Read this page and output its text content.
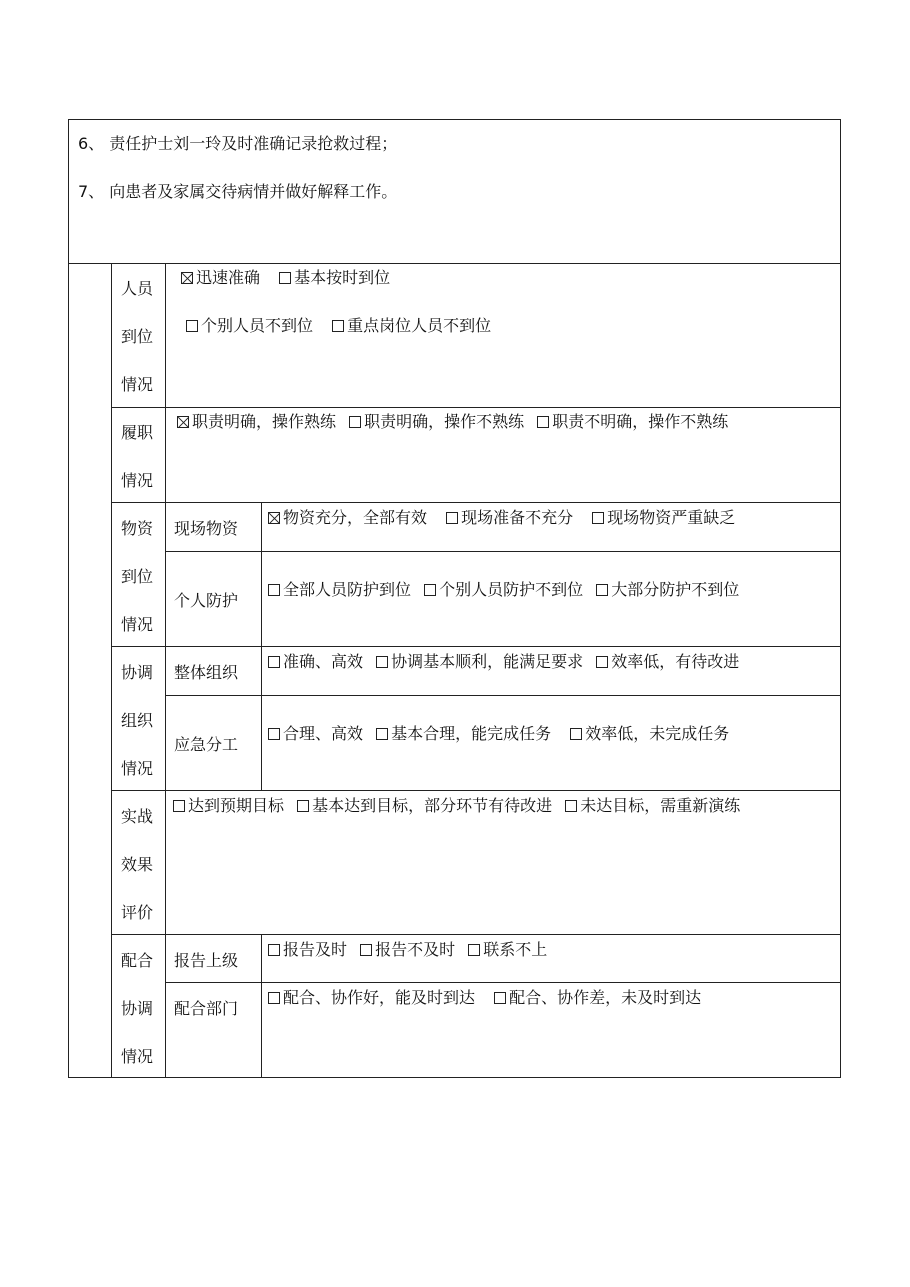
6、 责任护士刘一玲及时准确记录抢救过程；
7、 向患者及家属交待病情并做好解释工作。
人员
到位
情况
迅速准确 基本按时到位
个别人员不到位 重点岗位人员不到位
履职
情况
职责明确，操作熟练 职责明确，操作不熟练 职责不明确，操作不熟练
物资
到位
情况
现场物资
物资充分，全部有效 现场准备不充分 现场物资严重缺乏
个人防护
全部人员防护到位 个别人员防护不到位 大部分防护不到位
协调
组织
情况
整体组织
准确、高效 协调基本顺利，能满足要求 效率低，有待改进
应急分工
合理、高效 基本合理，能完成任务 效率低，未完成任务
实战
效果
评价
达到预期目标 基本达到目标，部分环节有待改进 未达目标，需重新演练
配合
协调
情况
报告上级
报告及时 报告不及时 联系不上
配合部门
配合、协作好，能及时到达 配合、协作差，未及时到达
